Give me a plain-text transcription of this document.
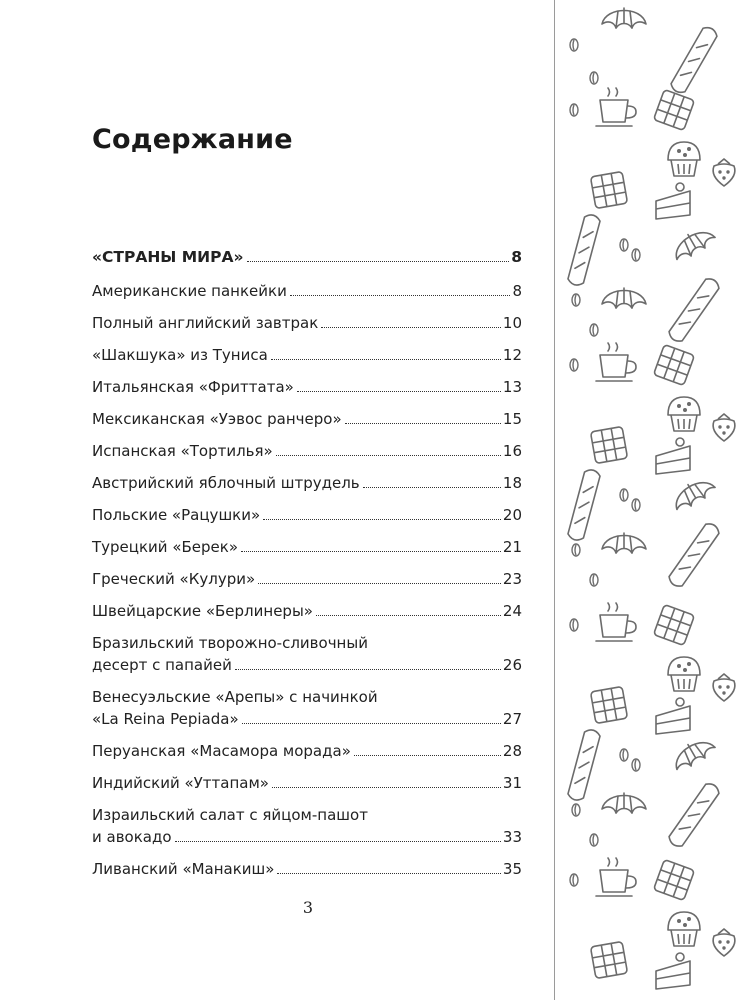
Содержание
«СТРАНЫ МИРА»	8
Американские панкейки	8
Полный английский завтрак	10
«Шакшука» из Туниса	12
Итальянская «Фриттата»	13
Мексиканская «Уэвос ранчеро»	15
Испанская «Тортилья»	16
Австрийский яблочный штрудель	18
Польские «Рацушки»	20
Турецкий «Берек»	21
Греческий «Кулури»	23
Швейцарские «Берлинеры»	24
Бразильский творожно-сливочный
десерт с папайей	26
Венесуэльские «Арепы» с начинкой
«La Reina Pepiada»	27
Перуанская «Масамора морада»	28
Индийский «Уттапам»	31
Израильский салат с яйцом-пашот
и авокадо	33
Ливанский «Манакиш»	35
3
